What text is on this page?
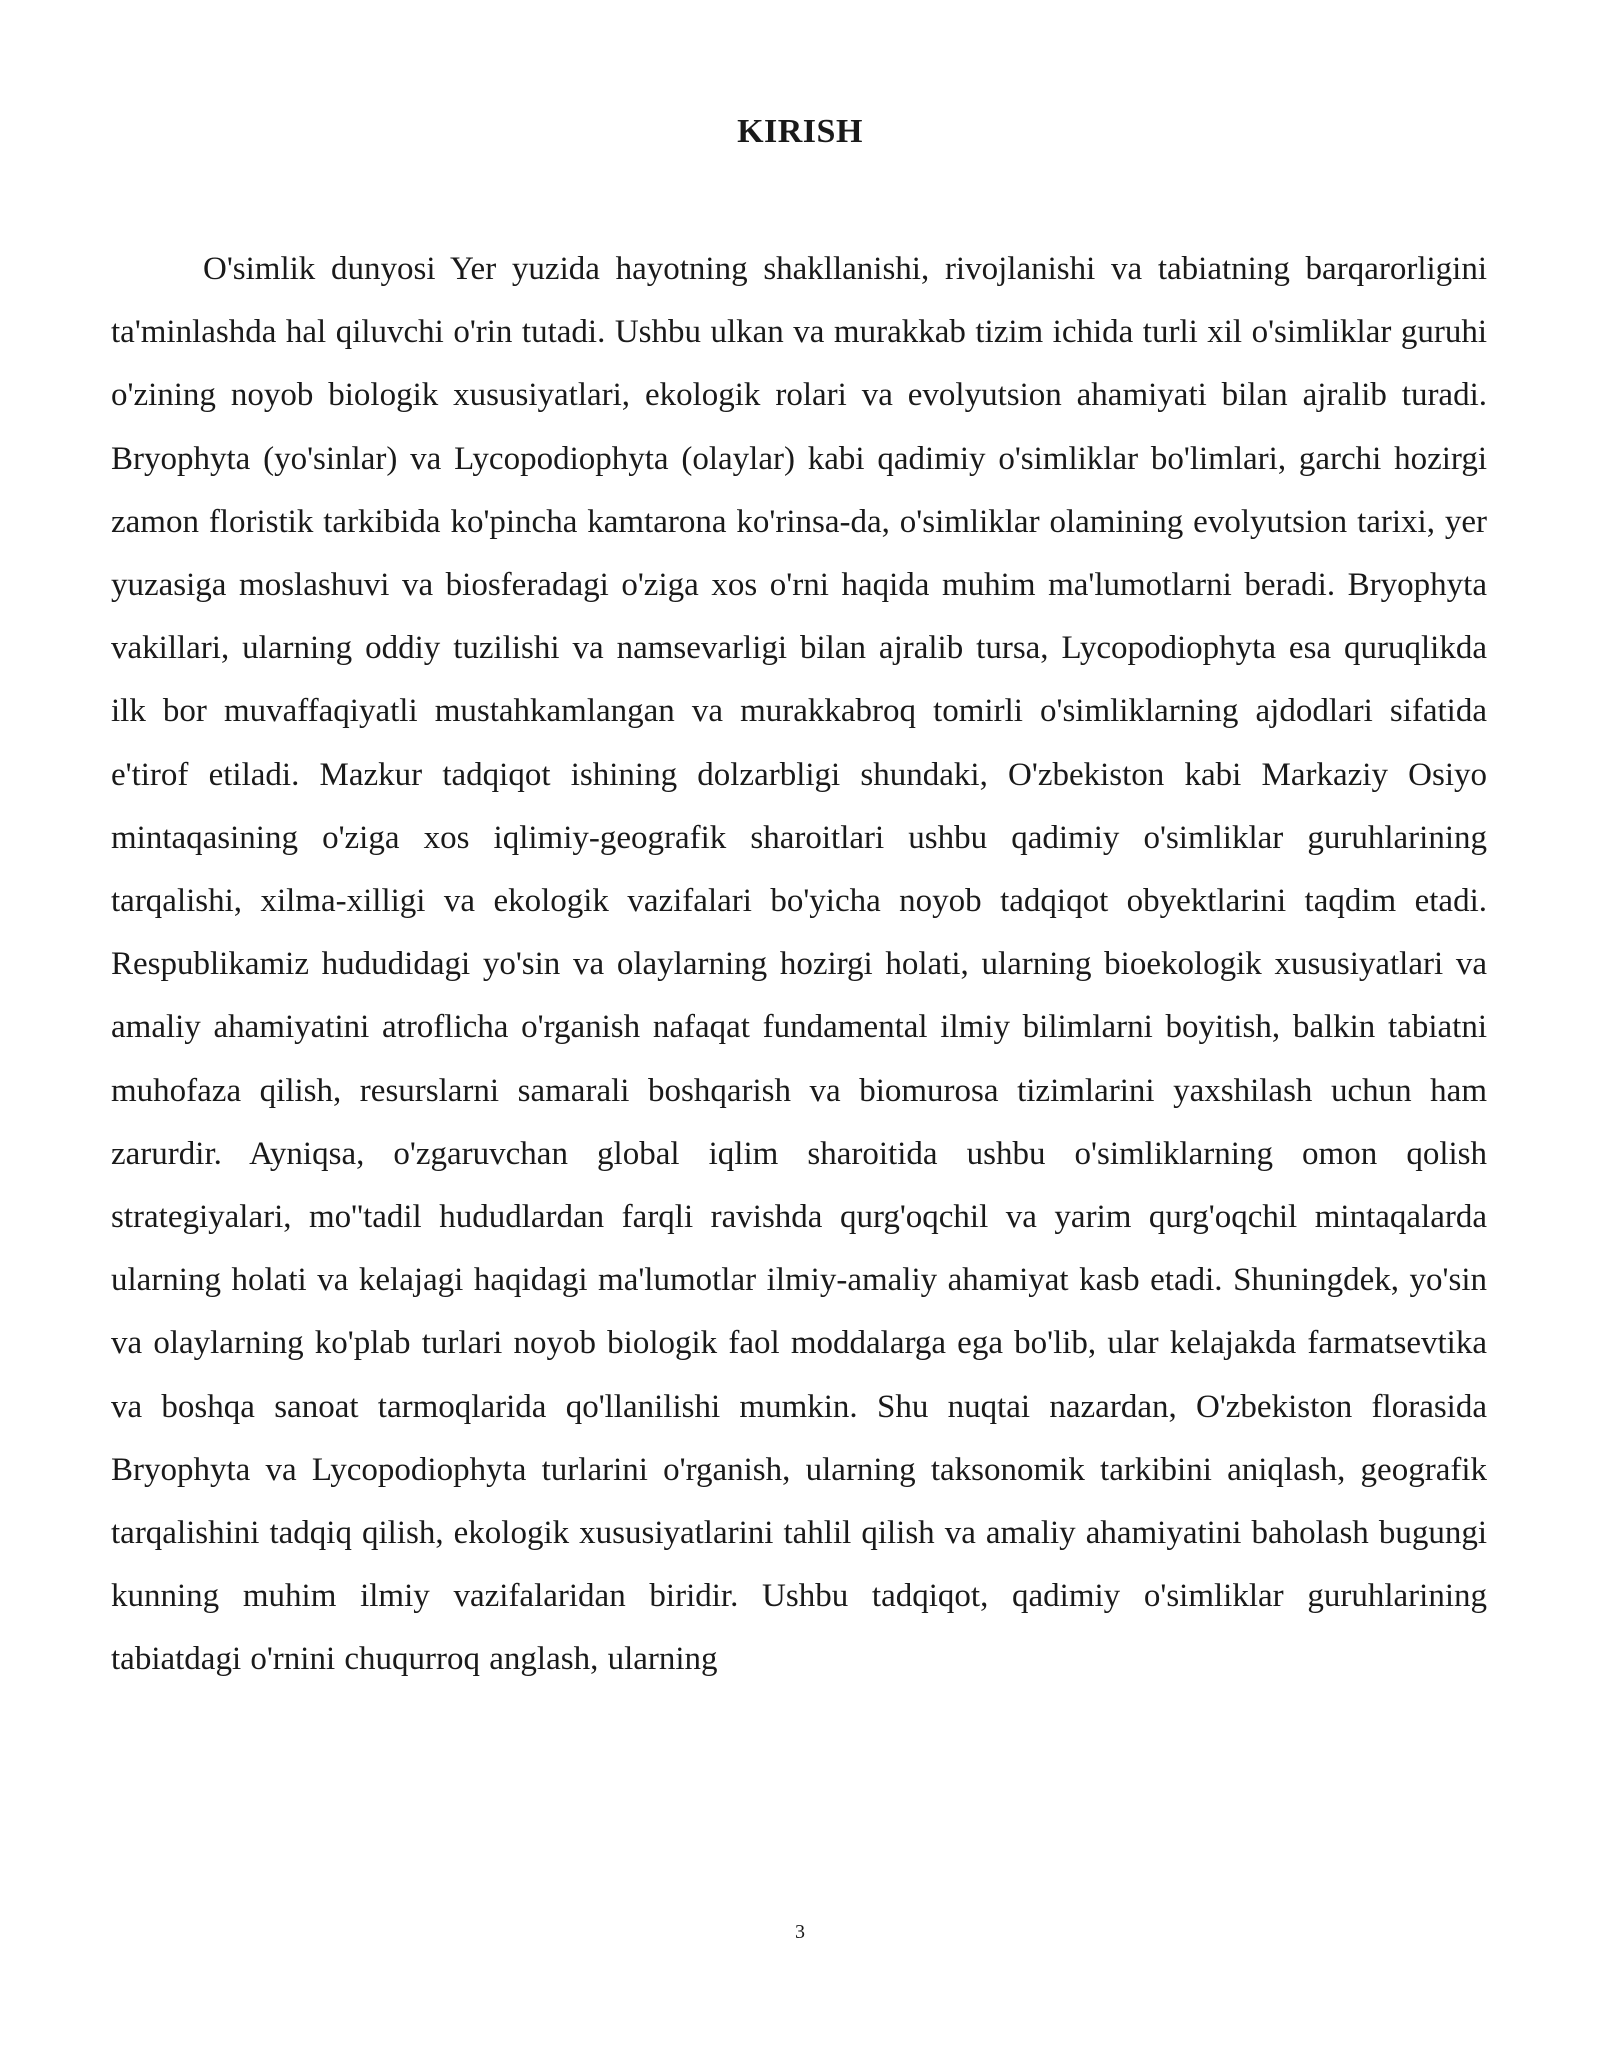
KIRISH

O'simlik dunyosi Yer yuzida hayotning shakllanishi, rivojlanishi va tabiatning barqarorligini ta'minlashda hal qiluvchi o'rin tutadi. Ushbu ulkan va murakkab tizim ichida turli xil o'simliklar guruhi o'zining noyob biologik xususiyatlari, ekologik rolari va evolyutsion ahamiyati bilan ajralib turadi. Bryophyta (yo'sinlar) va Lycopodiophyta (olaylar) kabi qadimiy o'simliklar bo'limlari, garchi hozirgi zamon floristik tarkibida ko'pincha kamtarona ko'rinsa-da, o'simliklar olamining evolyutsion tarixi, yer yuzasiga moslashuvi va biosferadagi o'ziga xos o'rni haqida muhim ma'lumotlarni beradi. Bryophyta vakillari, ularning oddiy tuzilishi va namsevarligi bilan ajralib tursa, Lycopodiophyta esa quruqlikda ilk bor muvaffaqiyatli mustahkamlangan va murakkabroq tomirli o'simliklarning ajdodlari sifatida e'tirof etiladi. Mazkur tadqiqot ishining dolzarbligi shundaki, O'zbekiston kabi Markaziy Osiyo mintaqasining o'ziga xos iqlimiy-geografik sharoitlari ushbu qadimiy o'simliklar guruhlarining tarqalishi, xilma-xilligi va ekologik vazifalari bo'yicha noyob tadqiqot obyektlarini taqdim etadi. Respublikamiz hududidagi yo'sin va olaylarning hozirgi holati, ularning bioekologik xususiyatlari va amaliy ahamiyatini atroflicha o'rganish nafaqat fundamental ilmiy bilimlarni boyitish, balkin tabiatni muhofaza qilish, resurslarni samarali boshqarish va biomurosa tizimlarini yaxshilash uchun ham zarurdir. Ayniqsa, o'zgaruvchan global iqlim sharoitida ushbu o'simliklarning omon qolish strategiyalari, mo''tadil hududlardan farqli ravishda qurg'oqchil va yarim qurg'oqchil mintaqalarda ularning holati va kelajagi haqidagi ma'lumotlar ilmiy-amaliy ahamiyat kasb etadi. Shuningdek, yo'sin va olaylarning ko'plab turlari noyob biologik faol moddalarga ega bo'lib, ular kelajakda farmatsevtika va boshqa sanoat tarmoqlarida qo'llanilishi mumkin. Shu nuqtai nazardan, O'zbekiston florasida Bryophyta va Lycopodiophyta turlarini o'rganish, ularning taksonomik tarkibini aniqlash, geografik tarqalishini tadqiq qilish, ekologik xususiyatlarini tahlil qilish va amaliy ahamiyatini baholash bugungi kunning muhim ilmiy vazifalaridan biridir. Ushbu tadqiqot, qadimiy o'simliklar guruhlarining tabiatdagi o'rnini chuqurroq anglash, ularning

3
